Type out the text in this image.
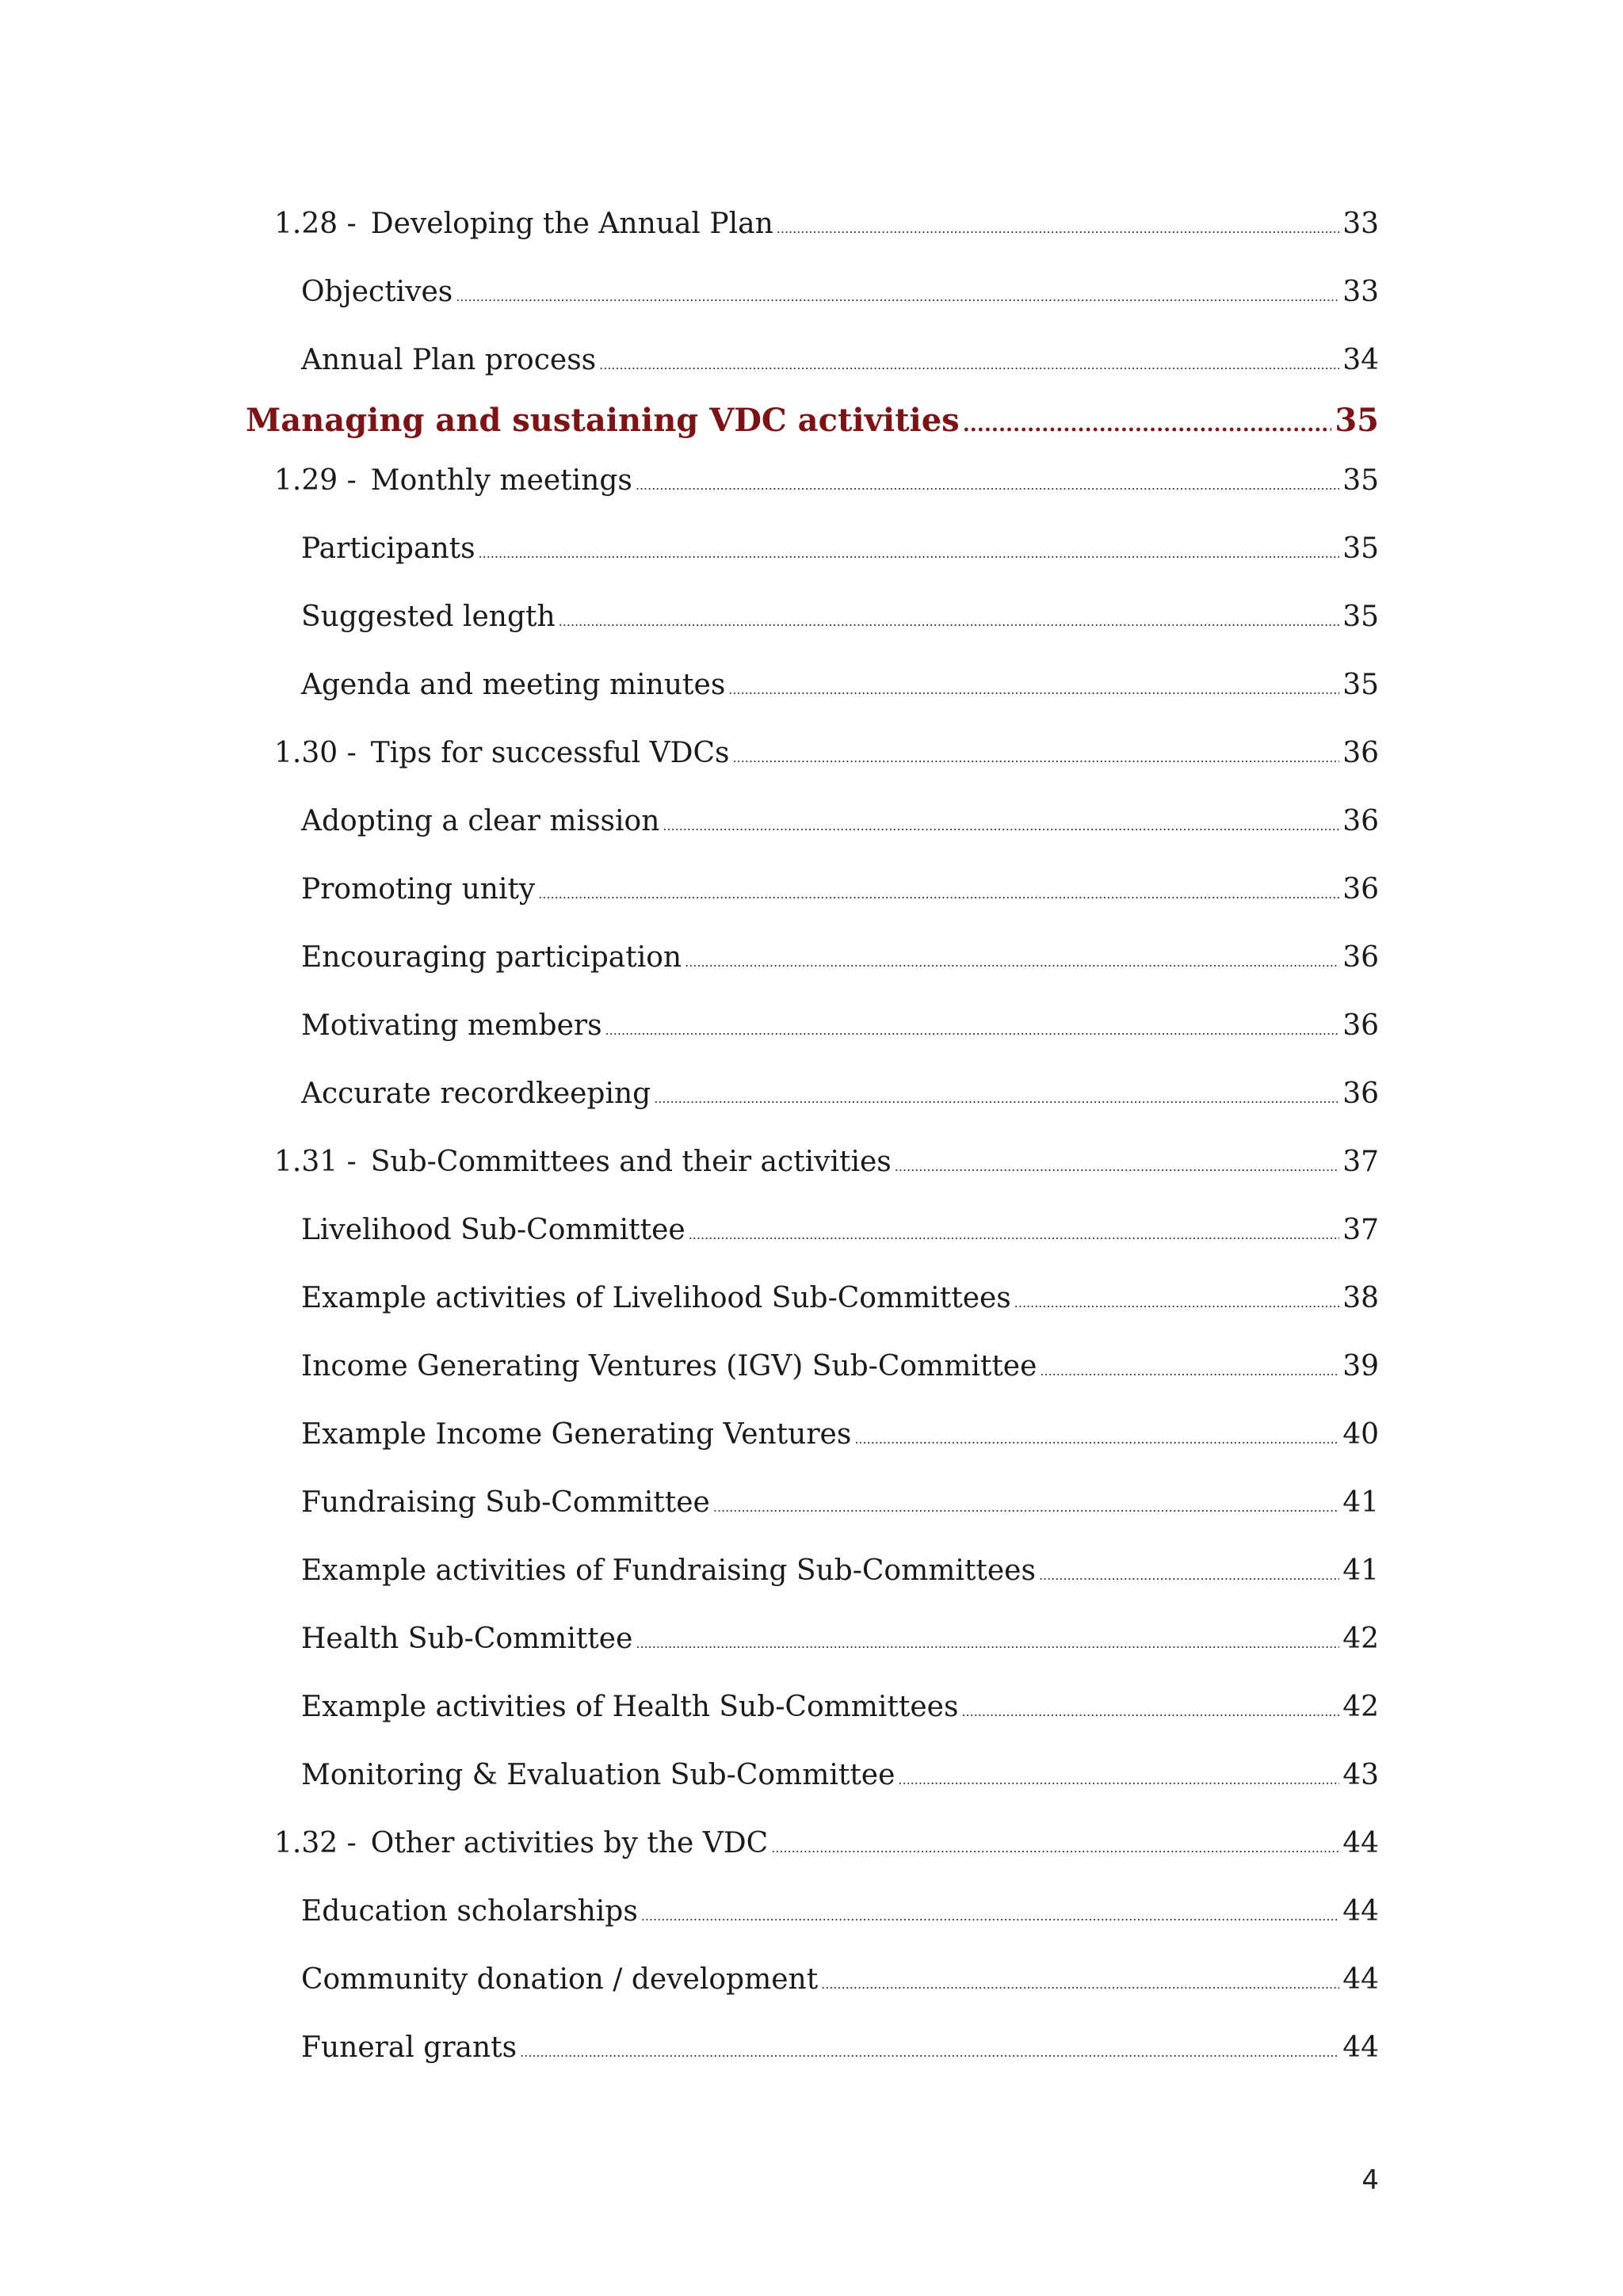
1.28 - Developing the Annual Plan .....	33
Objectives .....	33
Annual Plan process .....	34
Managing and sustaining VDC activities .....	35
1.29 - Monthly meetings .....	35
Participants .....	35
Suggested length .....	35
Agenda and meeting minutes .....	35
1.30 - Tips for successful VDCs .....	36
Adopting a clear mission .....	36
Promoting unity .....	36
Encouraging participation .....	36
Motivating members .....	36
Accurate recordkeeping .....	36
1.31 - Sub-Committees and their activities .....	37
Livelihood Sub-Committee .....	37
Example activities of Livelihood Sub-Committees .....	38
Income Generating Ventures (IGV) Sub-Committee .....	39
Example Income Generating Ventures .....	40
Fundraising Sub-Committee .....	41
Example activities of Fundraising Sub-Committees .....	41
Health Sub-Committee .....	42
Example activities of Health Sub-Committees .....	42
Monitoring & Evaluation Sub-Committee .....	43
1.32 - Other activities by the VDC .....	44
Education scholarships .....	44
Community donation / development .....	44
Funeral grants .....	44
4
